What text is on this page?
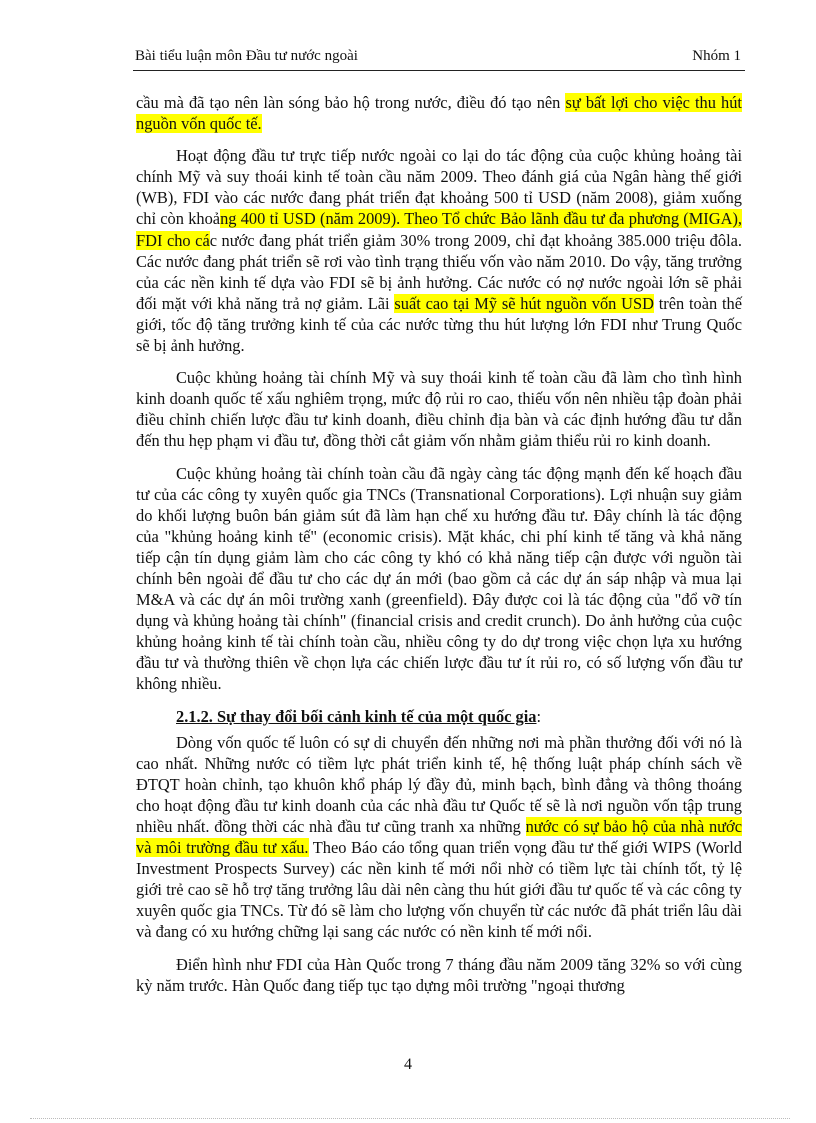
Bài tiểu luận môn Đầu tư nước ngoài	Nhóm 1

cầu mà đã tạo nên làn sóng bảo hộ trong nước, điều đó tạo nên sự bất lợi cho việc thu hút nguồn vốn quốc tế.

Hoạt động đầu tư trực tiếp nước ngoài co lại do tác động của cuộc khủng hoảng tài chính Mỹ và suy thoái kinh tế toàn cầu năm 2009. Theo đánh giá của Ngân hàng thế giới (WB), FDI vào các nước đang phát triển đạt khoảng 500 tỉ USD (năm 2008), giảm xuống chỉ còn khoảng 400 tỉ USD (năm 2009). Theo Tổ chức Bảo lãnh đầu tư đa phương (MIGA), FDI cho các nước đang phát triển giảm 30% trong 2009, chỉ đạt khoảng 385.000 triệu đôla. Các nước đang phát triển sẽ rơi vào tình trạng thiếu vốn vào năm 2010. Do vậy, tăng trưởng của các nền kinh tế dựa vào FDI sẽ bị ảnh hưởng. Các nước có nợ nước ngoài lớn sẽ phải đối mặt với khả năng trả nợ giảm. Lãi suất cao tại Mỹ sẽ hút nguồn vốn USD trên toàn thế giới, tốc độ tăng trưởng kinh tế của các nước từng thu hút lượng lớn FDI như Trung Quốc sẽ bị ảnh hưởng.

Cuộc khủng hoảng tài chính Mỹ và suy thoái kinh tế toàn cầu đã làm cho tình hình kinh doanh quốc tế xấu nghiêm trọng, mức độ rủi ro cao, thiếu vốn nên nhiều tập đoàn phải điều chỉnh chiến lược đầu tư kinh doanh, điều chỉnh địa bàn và các định hướng đầu tư dẫn đến thu hẹp phạm vi đầu tư, đồng thời cắt giảm vốn nhằm giảm thiểu rủi ro kinh doanh.

Cuộc khủng hoảng tài chính toàn cầu đã ngày càng tác động mạnh đến kế hoạch đầu tư của các công ty xuyên quốc gia TNCs (Transnational Corporations). Lợi nhuận suy giảm do khối lượng buôn bán giảm sút đã làm hạn chế xu hướng đầu tư. Đây chính là tác động của "khủng hoảng kinh tế" (economic crisis). Mặt khác, chi phí kinh tế tăng và khả năng tiếp cận tín dụng giảm làm cho các công ty khó có khả năng tiếp cận được với nguồn tài chính bên ngoài để đầu tư cho các dự án mới (bao gồm cả các dự án sáp nhập và mua lại M&A và các dự án môi trường xanh (greenfield). Đây được coi là tác động của "đổ vỡ tín dụng và khủng hoảng tài chính" (financial crisis and credit crunch). Do ảnh hưởng của cuộc khủng hoảng kinh tế tài chính toàn cầu, nhiều công ty do dự trong việc chọn lựa xu hướng đầu tư và thường thiên về chọn lựa các chiến lược đầu tư ít rủi ro, có số lượng vốn đầu tư không nhiều.

2.1.2. Sự thay đổi bối cảnh kinh tế của một quốc gia:

Dòng vốn quốc tế luôn có sự di chuyển đến những nơi mà phần thưởng đối với nó là cao nhất. Những nước có tiềm lực phát triển kinh tế, hệ thống luật pháp chính sách về ĐTQT hoàn chỉnh, tạo khuôn khổ pháp lý đầy đủ, minh bạch, bình đẳng và thông thoáng cho hoạt động đầu tư kinh doanh của các nhà đầu tư Quốc tế sẽ là nơi nguồn vốn tập trung nhiều nhất. đồng thời các nhà đầu tư cũng tranh xa những nước có sự bảo hộ của nhà nước và môi trường đầu tư xấu. Theo Báo cáo tổng quan triển vọng đầu tư thế giới WIPS (World Investment Prospects Survey) các nền kinh tế mới nổi nhờ có tiềm lực tài chính tốt, tỷ lệ giới trẻ cao sẽ hỗ trợ tăng trưởng lâu dài nên càng thu hút giới đầu tư quốc tế và các công ty xuyên quốc gia TNCs. Từ đó sẽ làm cho lượng vốn chuyển từ các nước đã phát triển lâu dài và đang có xu hướng chững lại sang các nước có nền kinh tế mới nổi.

Điển hình như FDI của Hàn Quốc trong 7 tháng đầu năm 2009 tăng 32% so với cùng kỳ năm trước. Hàn Quốc đang tiếp tục tạo dựng môi trường "ngoại thương

4
